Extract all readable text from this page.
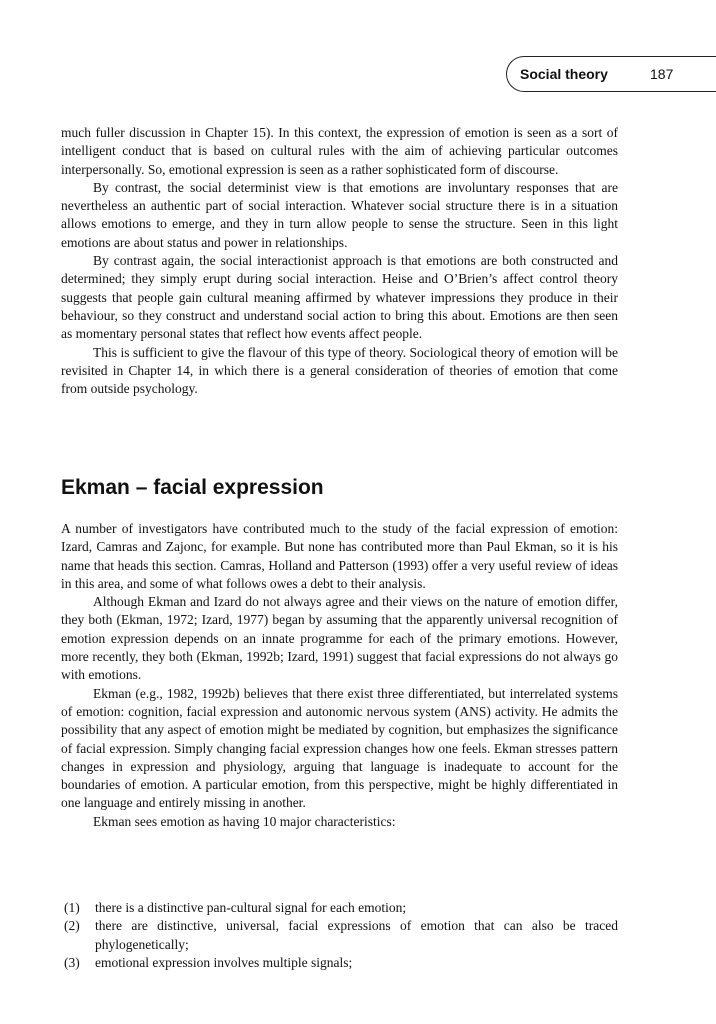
Social theory	187

much fuller discussion in Chapter 15). In this context, the expression of emotion is seen as a sort of intelligent conduct that is based on cultural rules with the aim of achieving particular outcomes interpersonally. So, emotional expression is seen as a rather sophisticated form of discourse.

By contrast, the social determinist view is that emotions are involuntary responses that are nevertheless an authentic part of social interaction. Whatever social structure there is in a situation allows emotions to emerge, and they in turn allow people to sense the structure. Seen in this light emotions are about status and power in relationships.

By contrast again, the social interactionist approach is that emotions are both constructed and determined; they simply erupt during social interaction. Heise and O’Brien’s affect control theory suggests that people gain cultural meaning affirmed by whatever impressions they produce in their behaviour, so they construct and understand social action to bring this about. Emotions are then seen as momentary personal states that reflect how events affect people.

This is sufficient to give the flavour of this type of theory. Sociological theory of emotion will be revisited in Chapter 14, in which there is a general consideration of theories of emotion that come from outside psychology.

Ekman – facial expression

A number of investigators have contributed much to the study of the facial expression of emotion: Izard, Camras and Zajonc, for example. But none has contributed more than Paul Ekman, so it is his name that heads this section. Camras, Holland and Patterson (1993) offer a very useful review of ideas in this area, and some of what follows owes a debt to their analysis.

Although Ekman and Izard do not always agree and their views on the nature of emotion differ, they both (Ekman, 1972; Izard, 1977) began by assuming that the apparently universal recognition of emotion expression depends on an innate programme for each of the primary emotions. However, more recently, they both (Ekman, 1992b; Izard, 1991) suggest that facial expressions do not always go with emotions.

Ekman (e.g., 1982, 1992b) believes that there exist three differentiated, but interrelated systems of emotion: cognition, facial expression and autonomic nervous system (ANS) activity. He admits the possibility that any aspect of emotion might be mediated by cognition, but emphasizes the significance of facial expression. Simply changing facial expression changes how one feels. Ekman stresses pattern changes in expression and physiology, arguing that language is inadequate to account for the boundaries of emotion. A particular emotion, from this perspective, might be highly differentiated in one language and entirely missing in another.

Ekman sees emotion as having 10 major characteristics:

(1) there is a distinctive pan-cultural signal for each emotion;
(2) there are distinctive, universal, facial expressions of emotion that can also be traced phylogenetically;
(3) emotional expression involves multiple signals;
